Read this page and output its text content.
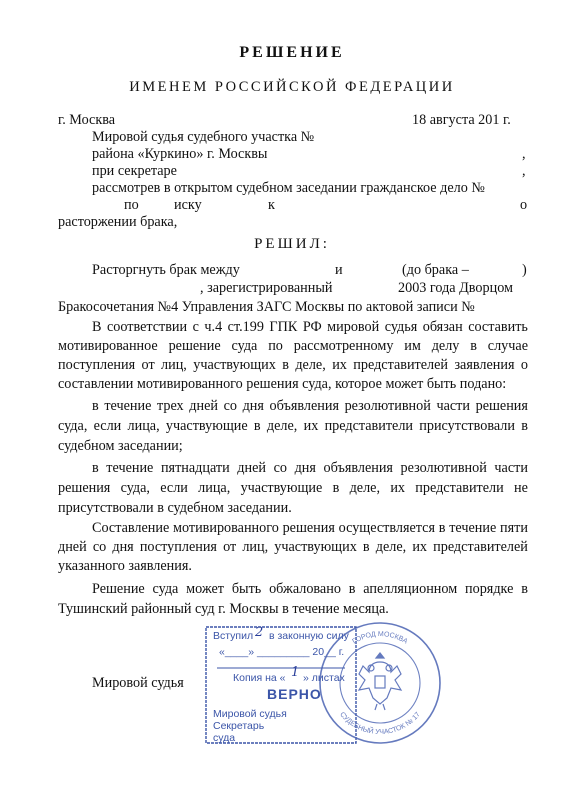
РЕШЕНИЕ
ИМЕНЕМ РОССИЙСКОЙ ФЕДЕРАЦИИ
г. Москва	18 августа 201 г.
Мировой судья судебного участка №
района «Куркино» г. Москвы	,
при секретаре	,
рассмотрев в открытом судебном заседании гражданское дело №
по иску	к	о
расторжении брака,
РЕШИЛ:
Расторгнуть брак между	и	(до брака –	)
, зарегистрированный	2003 года Дворцом
Бракосочетания №4 Управления ЗАГС Москвы по актовой записи №
В соответствии с ч.4 ст.199 ГПК РФ мировой судья обязан составить
мотивированное решение суда по рассмотренному им делу в случае
поступления от лиц, участвующих в деле, их представителей заявления о
составлении мотивированного решения суда, которое может быть подано:
в течение трех дней со дня объявления резолютивной части решения
суда, если лица, участвующие в деле, их представители присутствовали в
судебном заседании;
в течение пятнадцати дней со дня объявления резолютивной части
решения суда, если лица, участвующие в деле, их представители не
присутствовали в судебном заседании.
Составление мотивированного решения осуществляется в течение пяти
дней со дня поступления от лиц, участвующих в деле, их представителей
указанного заявления.
Решение суда может быть обжаловано в апелляционном порядке в
Тушинский районный суд г. Москвы в течение месяца.
Мировой судья
Вступил 2 в законную силу
«____» _________ 20__ г.
Копия на « 1 » листах
ВЕРНО
Мировой судья
Секретарь
суда
ГОРОД МОСКВА
СУДЕБНЫЙ УЧАСТОК № 17
